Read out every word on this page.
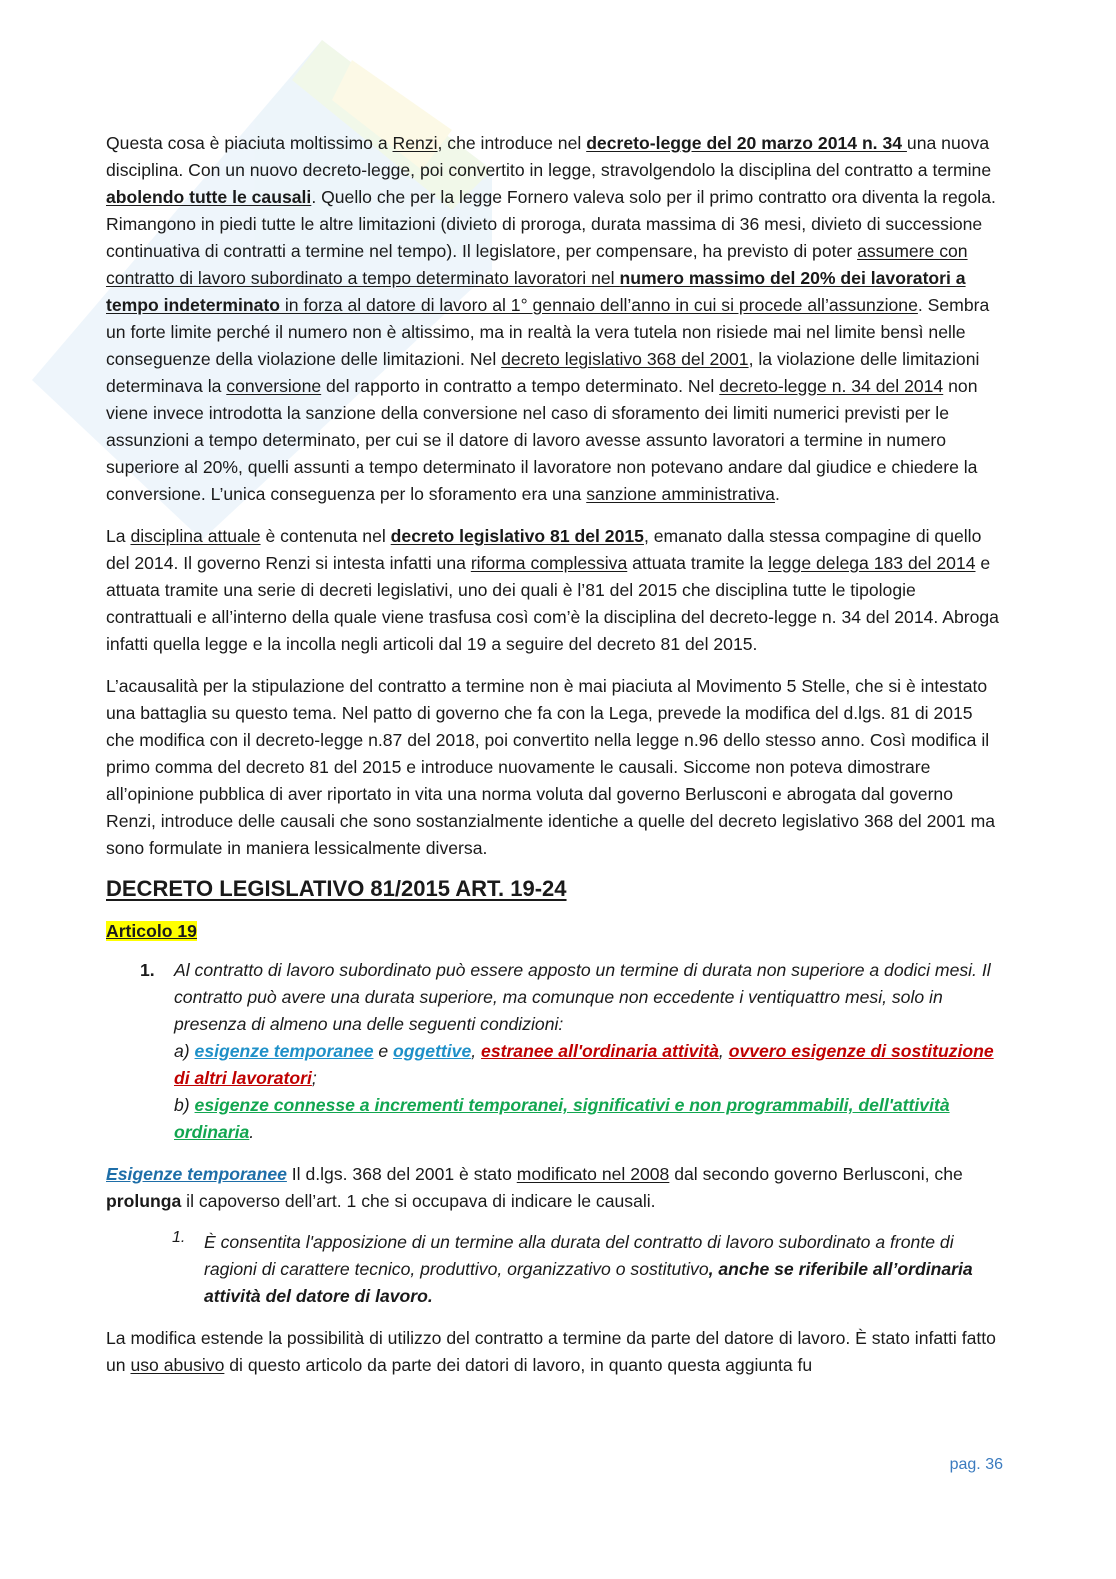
Questa cosa è piaciuta moltissimo a Renzi, che introduce nel decreto-legge del 20 marzo 2014 n. 34 una nuova disciplina. Con un nuovo decreto-legge, poi convertito in legge, stravolgendolo la disciplina del contratto a termine abolendo tutte le causali. Quello che per la legge Fornero valeva solo per il primo contratto ora diventa la regola. Rimangono in piedi tutte le altre limitazioni (divieto di proroga, durata massima di 36 mesi, divieto di successione continuativa di contratti a termine nel tempo). Il legislatore, per compensare, ha previsto di poter assumere con contratto di lavoro subordinato a tempo determinato lavoratori nel numero massimo del 20% dei lavoratori a tempo indeterminato in forza al datore di lavoro al 1° gennaio dell’anno in cui si procede all’assunzione. Sembra un forte limite perché il numero non è altissimo, ma in realtà la vera tutela non risiede mai nel limite bensì nelle conseguenze della violazione delle limitazioni. Nel decreto legislativo 368 del 2001, la violazione delle limitazioni determinava la conversione del rapporto in contratto a tempo determinato. Nel decreto-legge n. 34 del 2014 non viene invece introdotta la sanzione della conversione nel caso di sforamento dei limiti numerici previsti per le assunzioni a tempo determinato, per cui se il datore di lavoro avesse assunto lavoratori a termine in numero superiore al 20%, quelli assunti a tempo determinato il lavoratore non potevano andare dal giudice e chiedere la conversione. L’unica conseguenza per lo sforamento era una sanzione amministrativa.

La disciplina attuale è contenuta nel decreto legislativo 81 del 2015, emanato dalla stessa compagine di quello del 2014. Il governo Renzi si intesta infatti una riforma complessiva attuata tramite la legge delega 183 del 2014 e attuata tramite una serie di decreti legislativi, uno dei quali è l’81 del 2015 che disciplina tutte le tipologie contrattuali e all’interno della quale viene trasfusa così com’è la disciplina del decreto-legge n. 34 del 2014. Abroga infatti quella legge e la incolla negli articoli dal 19 a seguire del decreto 81 del 2015.

L’acausalità per la stipulazione del contratto a termine non è mai piaciuta al Movimento 5 Stelle, che si è intestato una battaglia su questo tema. Nel patto di governo che fa con la Lega, prevede la modifica del d.lgs. 81 di 2015 che modifica con il decreto-legge n.87 del 2018, poi convertito nella legge n.96 dello stesso anno. Così modifica il primo comma del decreto 81 del 2015 e introduce nuovamente le causali. Siccome non poteva dimostrare all’opinione pubblica di aver riportato in vita una norma voluta dal governo Berlusconi e abrogata dal governo Renzi, introduce delle causali che sono sostanzialmente identiche a quelle del decreto legislativo 368 del 2001 ma sono formulate in maniera lessicalmente diversa.

DECRETO LEGISLATIVO 81/2015 ART. 19-24

Articolo 19

1.	Al contratto di lavoro subordinato può essere apposto un termine di durata non superiore a dodici mesi. Il contratto può avere una durata superiore, ma comunque non eccedente i ventiquattro mesi, solo in presenza di almeno una delle seguenti condizioni:
a) esigenze temporanee e oggettive, estranee all'ordinaria attività, ovvero esigenze di sostituzione di altri lavoratori;
b) esigenze connesse a incrementi temporanei, significativi e non programmabili, dell'attività ordinaria.

Esigenze temporanee Il d.lgs. 368 del 2001 è stato modificato nel 2008 dal secondo governo Berlusconi, che prolunga il capoverso dell’art. 1 che si occupava di indicare le causali.

1. È consentita l'apposizione di un termine alla durata del contratto di lavoro subordinato a fronte di ragioni di carattere tecnico, produttivo, organizzativo o sostitutivo, anche se riferibile all’ordinaria attività del datore di lavoro.

La modifica estende la possibilità di utilizzo del contratto a termine da parte del datore di lavoro. È stato infatti fatto un uso abusivo di questo articolo da parte dei datori di lavoro, in quanto questa aggiunta fu

pag. 36
